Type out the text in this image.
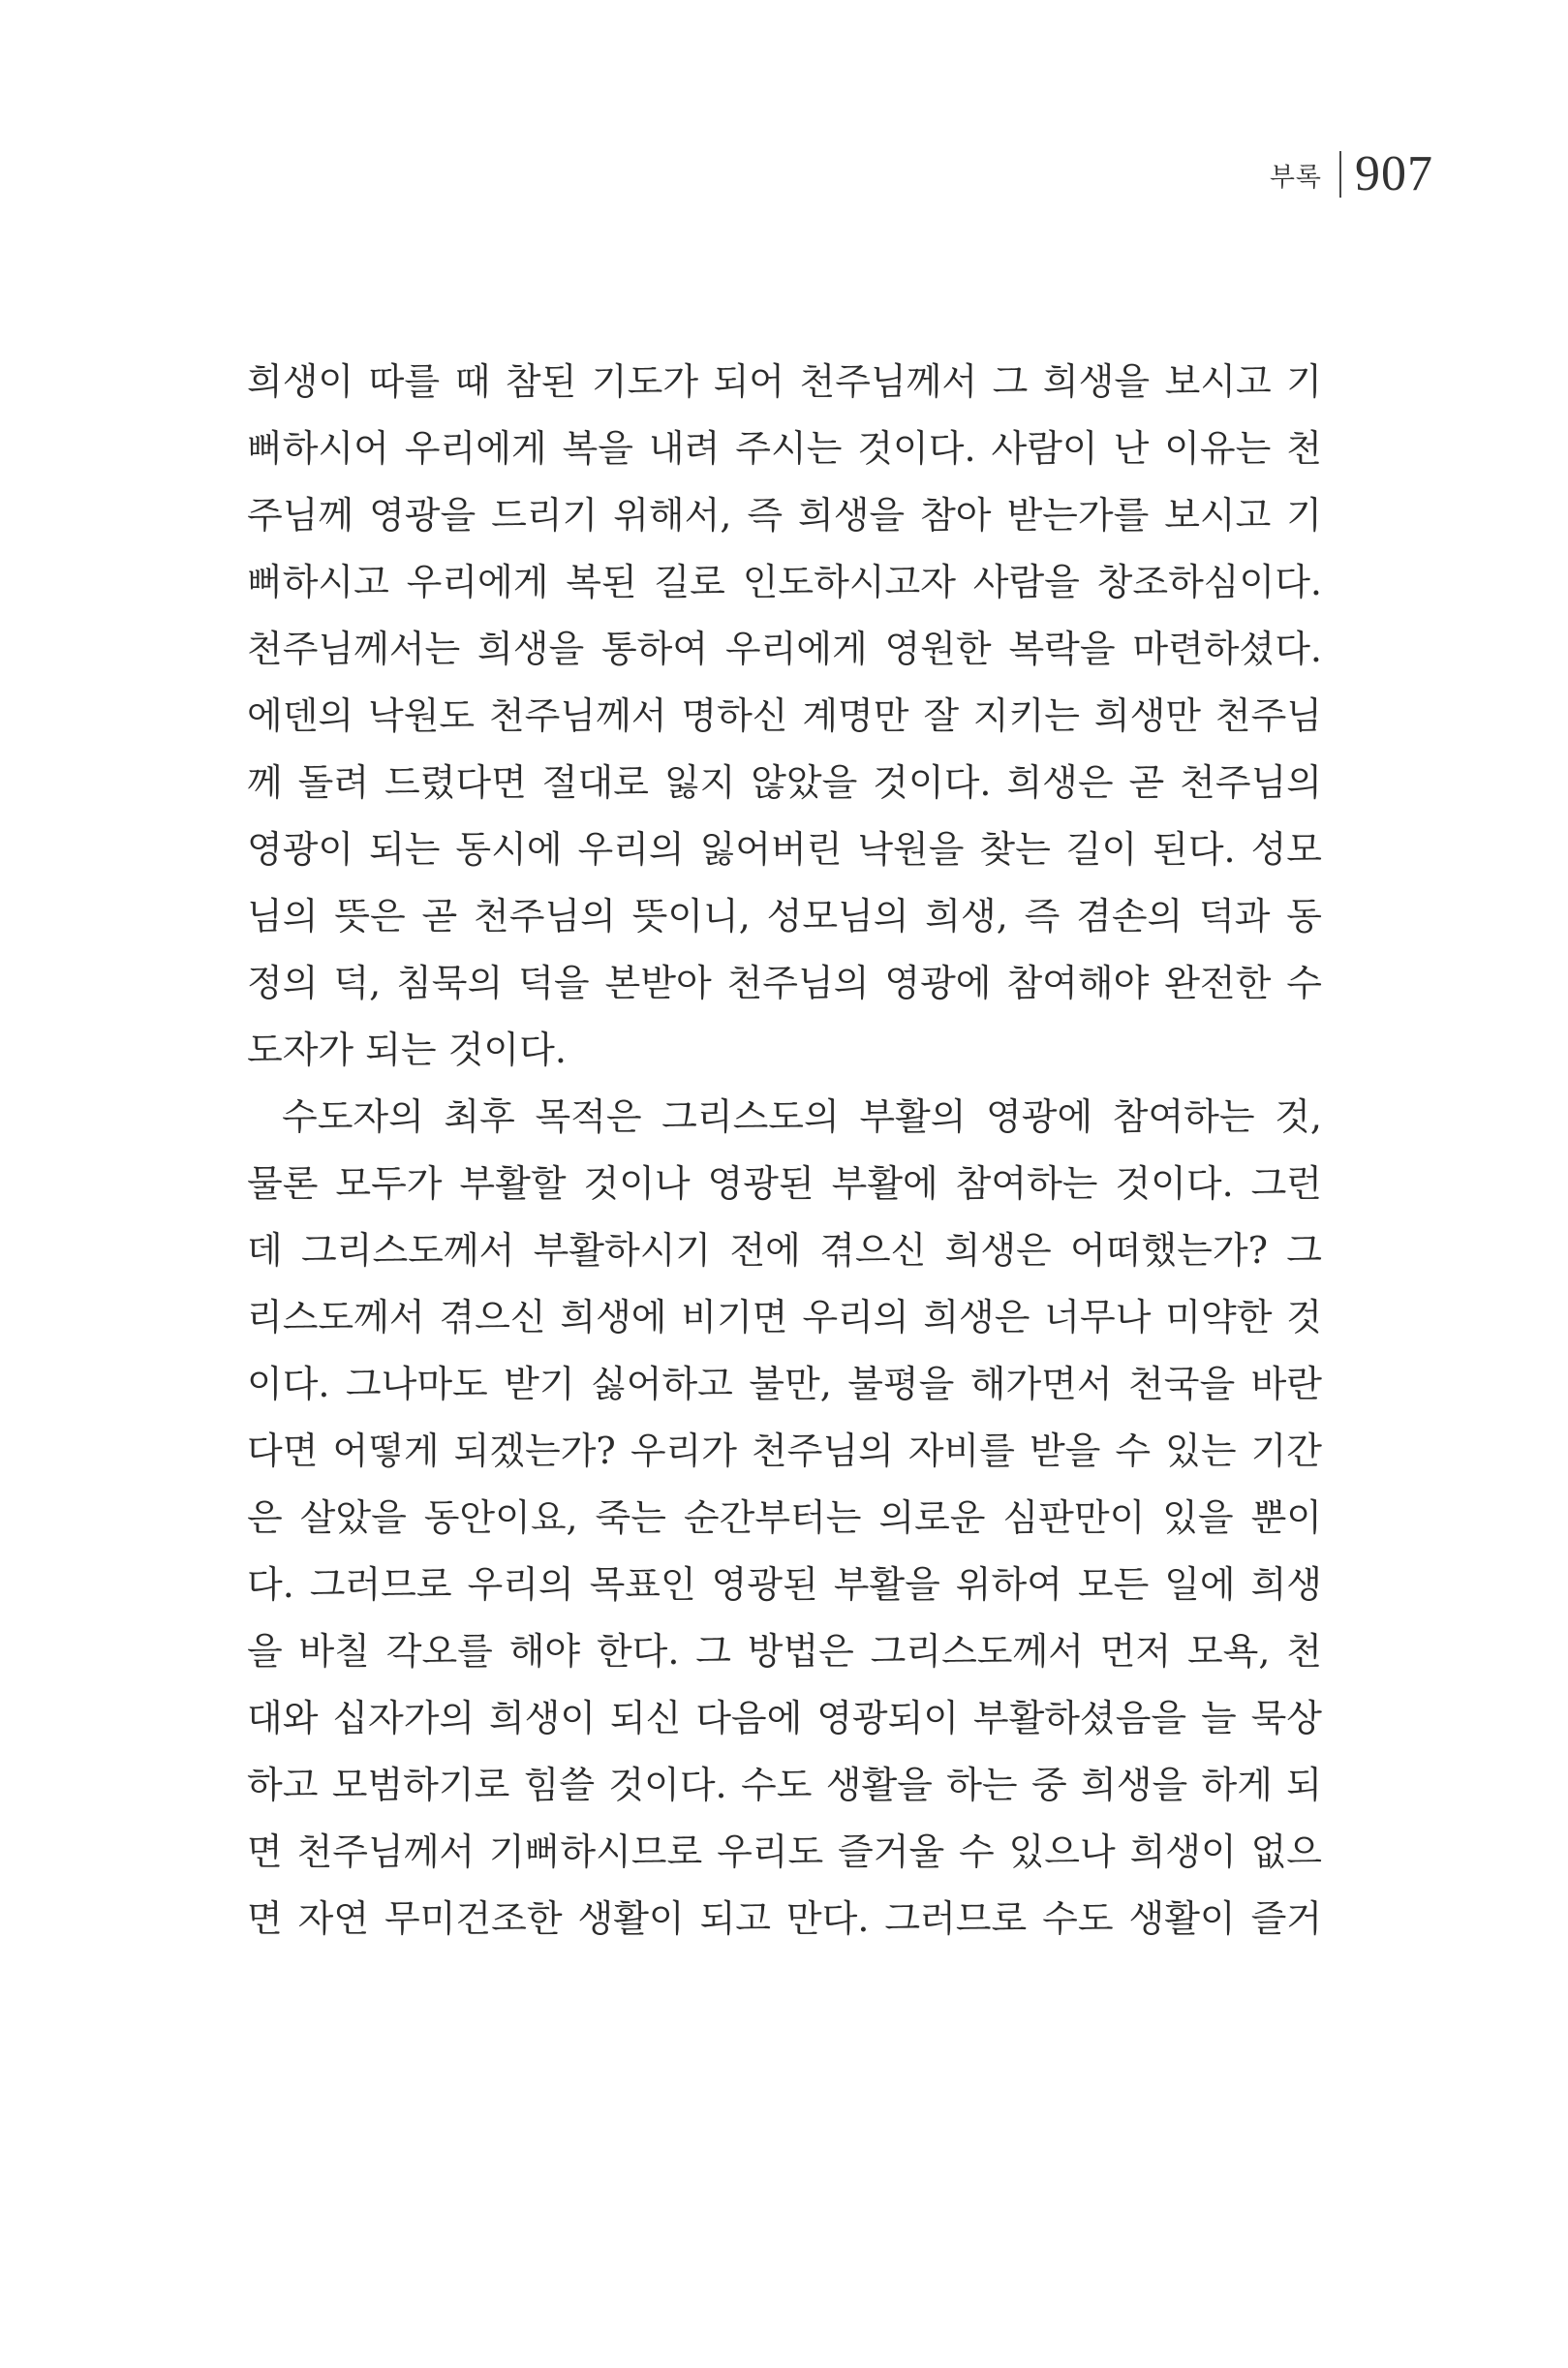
부록 907
희생이 따를 때 참된 기도가 되어 천주님께서 그 희생을 보시고 기
뻐하시어 우리에게 복을 내려 주시는 것이다. 사람이 난 이유는 천
주님께 영광을 드리기 위해서, 즉 희생을 참아 받는가를 보시고 기
뻐하시고 우리에게 복된 길로 인도하시고자 사람을 창조하심이다.
천주님께서는 희생을 통하여 우리에게 영원한 복락을 마련하셨다.
에덴의 낙원도 천주님께서 명하신 계명만 잘 지키는 희생만 천주님
께 돌려 드렸다면 절대로 잃지 않았을 것이다. 희생은 곧 천주님의
영광이 되는 동시에 우리의 잃어버린 낙원을 찾는 길이 된다. 성모
님의 뜻은 곧 천주님의 뜻이니, 성모님의 희생, 즉 겸손의 덕과 동
정의 덕, 침묵의 덕을 본받아 천주님의 영광에 참여해야 완전한 수
도자가 되는 것이다.
수도자의 최후 목적은 그리스도의 부활의 영광에 참여하는 것,
물론 모두가 부활할 것이나 영광된 부활에 참여하는 것이다. 그런
데 그리스도께서 부활하시기 전에 겪으신 희생은 어떠했는가? 그
리스도께서 겪으신 희생에 비기면 우리의 희생은 너무나 미약한 것
이다. 그나마도 받기 싫어하고 불만, 불평을 해가면서 천국을 바란
다면 어떻게 되겠는가? 우리가 천주님의 자비를 받을 수 있는 기간
은 살았을 동안이요, 죽는 순간부터는 의로운 심판만이 있을 뿐이
다. 그러므로 우리의 목표인 영광된 부활을 위하여 모든 일에 희생
을 바칠 각오를 해야 한다. 그 방법은 그리스도께서 먼저 모욕, 천
대와 십자가의 희생이 되신 다음에 영광되이 부활하셨음을 늘 묵상
하고 모범하기로 힘쓸 것이다. 수도 생활을 하는 중 희생을 하게 되
면 천주님께서 기뻐하시므로 우리도 즐거울 수 있으나 희생이 없으
면 자연 무미건조한 생활이 되고 만다. 그러므로 수도 생활이 즐거
